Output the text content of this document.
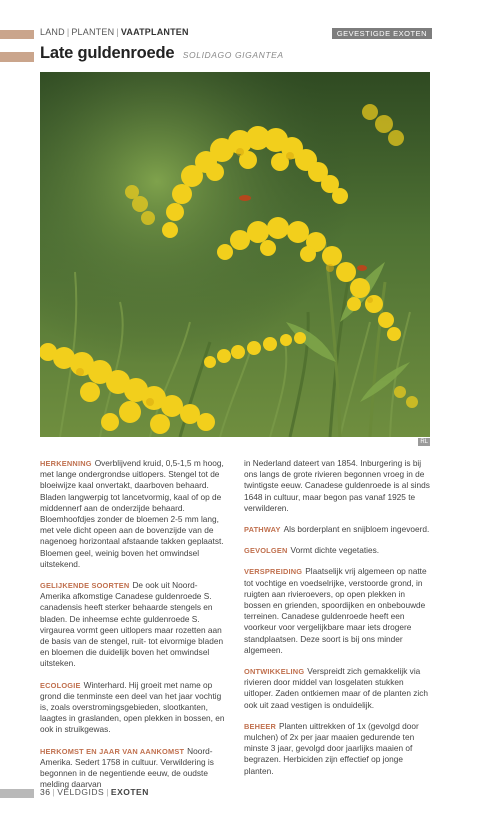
LAND | PLANTEN | VAATPLANTEN	GEVESTIGDE EXOTEN
Late guldenroede SOLIDAGO GIGANTEA
RL

HERKENNING Overblijvend kruid, 0,5-1,5 m hoog, met lange ondergrondse uitlopers. Stengel tot de bloeiwijze kaal onvertakt, daarboven behaard. Bladen langwerpig tot lancetvormig, kaal of op de middennerf aan de onderzijde behaard. Bloemhoofdjes zonder de bloemen 2-5 mm lang, met vele dicht opeen aan de bovenzijde van de nagenoeg horizontaal afstaande takken geplaatst. Bloemen geel, weinig boven het omwindsel uitstekend.

GELIJKENDE SOORTEN De ook uit Noord-Amerika afkomstige Canadese guldenroede S. canadensis heeft sterker behaarde stengels en bladen. De inheemse echte guldenroede S. virgaurea vormt geen uitlopers maar rozetten aan de basis van de stengel, ruit- tot eivormige bladen en bloemen die duidelijk boven het omwindsel uitsteken.

ECOLOGIE Winterhard. Hij groeit met name op grond die tenminste een deel van het jaar vochtig is, zoals overstromingsgebieden, slootkanten, laagtes in graslanden, open plekken in bossen, en ook in struikgewas.

HERKOMST EN JAAR VAN AANKOMST Noord-Amerika. Sedert 1758 in cultuur. Verwildering is begonnen in de negentiende eeuw, de oudste melding daarvan

in Nederland dateert van 1854. Inburgering is bij ons langs de grote rivieren begonnen vroeg in de twintigste eeuw. Canadese guldenroede is al sinds 1648 in cultuur, maar begon pas vanaf 1925 te verwilderen.

PATHWAY Als borderplant en snijbloem ingevoerd.

GEVOLGEN Vormt dichte vegetaties.

VERSPREIDING Plaatselijk vrij algemeen op natte tot vochtige en voedselrijke, verstoorde grond, in ruigten aan rivieroevers, op open plekken in bossen en grienden, spoordijken en onbebouwde terreinen. Canadese guldenroede heeft een voorkeur voor vergelijkbare maar iets drogere standplaatsen. Deze soort is bij ons minder algemeen.

ONTWIKKELING Verspreidt zich gemakkelijk via rivieren door middel van losgelaten stukken uitloper. Zaden ontkiemen maar of de planten zich ook uit zaad vestigen is onduidelijk.

BEHEER Planten uittrekken of 1x (gevolgd door mulchen) of 2x per jaar maaien gedurende ten minste 3 jaar, gevolgd door jaarlijks maaien of begrazen. Herbiciden zijn effectief op jonge planten.

36 | VELDGIDS | EXOTEN
